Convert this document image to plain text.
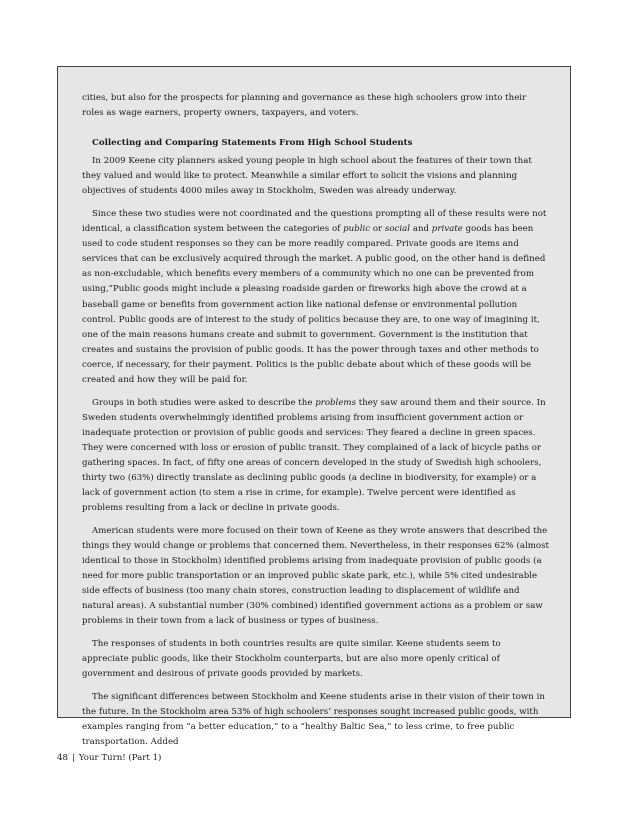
cities, but also for the prospects for planning and governance as these high schoolers grow into their roles as wage earners, property owners, taxpayers, and voters.

Collecting and Comparing Statements From High School Students

In 2009 Keene city planners asked young people in high school about the features of their town that they valued and would like to protect. Meanwhile a similar effort to solicit the visions and planning objectives of students 4000 miles away in Stockholm, Sweden was already underway.

Since these two studies were not coordinated and the questions prompting all of these results were not identical, a classification system between the categories of public or social and private goods has been used to code student responses so they can be more readily compared. Private goods are items and services that can be exclusively acquired through the market. A public good, on the other hand is defined as non-excludable, which benefits every members of a community which no one can be prevented from using,”Public goods might include a pleasing roadside garden or fireworks high above the crowd at a baseball game or benefits from government action like national defense or environmental pollution control. Public goods are of interest to the study of politics because they are, to one way of imagining it, one of the main reasons humans create and submit to government. Government is the institution that creates and sustains the provision of public goods. It has the power through taxes and other methods to coerce, if necessary, for their payment. Politics is the public debate about which of these goods will be created and how they will be paid for.

Groups in both studies were asked to describe the problems they saw around them and their source. In Sweden students overwhelmingly identified problems arising from insufficient government action or inadequate protection or provision of public goods and services: They feared a decline in green spaces. They were concerned with loss or erosion of public transit. They complained of a lack of bicycle paths or gathering spaces. In fact, of fifty one areas of concern developed in the study of Swedish high schoolers, thirty two (63%) directly translate as declining public goods (a decline in biodiversity, for example) or a lack of government action (to stem a rise in crime, for example). Twelve percent were identified as problems resulting from a lack or decline in private goods.

American students were more focused on their town of Keene as they wrote answers that described the things they would change or problems that concerned them. Nevertheless, in their responses 62% (almost identical to those in Stockholm) identified problems arising from inadequate provision of public goods (a need for more public transportation or an improved public skate park, etc.), while 5% cited undesirable side effects of business (too many chain stores, construction leading to displacement of wildlife and natural areas). A substantial number (30% combined) identified government actions as a problem or saw problems in their town from a lack of business or types of business.

The responses of students in both countries results are quite similar. Keene students seem to appreciate public goods, like their Stockholm counterparts, but are also more openly critical of government and desirous of private goods provided by markets.

The significant differences between Stockholm and Keene students arise in their vision of their town in the future. In the Stockholm area 53% of high schoolers’ responses sought increased public goods, with examples ranging from “a better education,” to a “healthy Baltic Sea,” to less crime, to free public transportation. Added

48 | Your Turn! (Part 1)
